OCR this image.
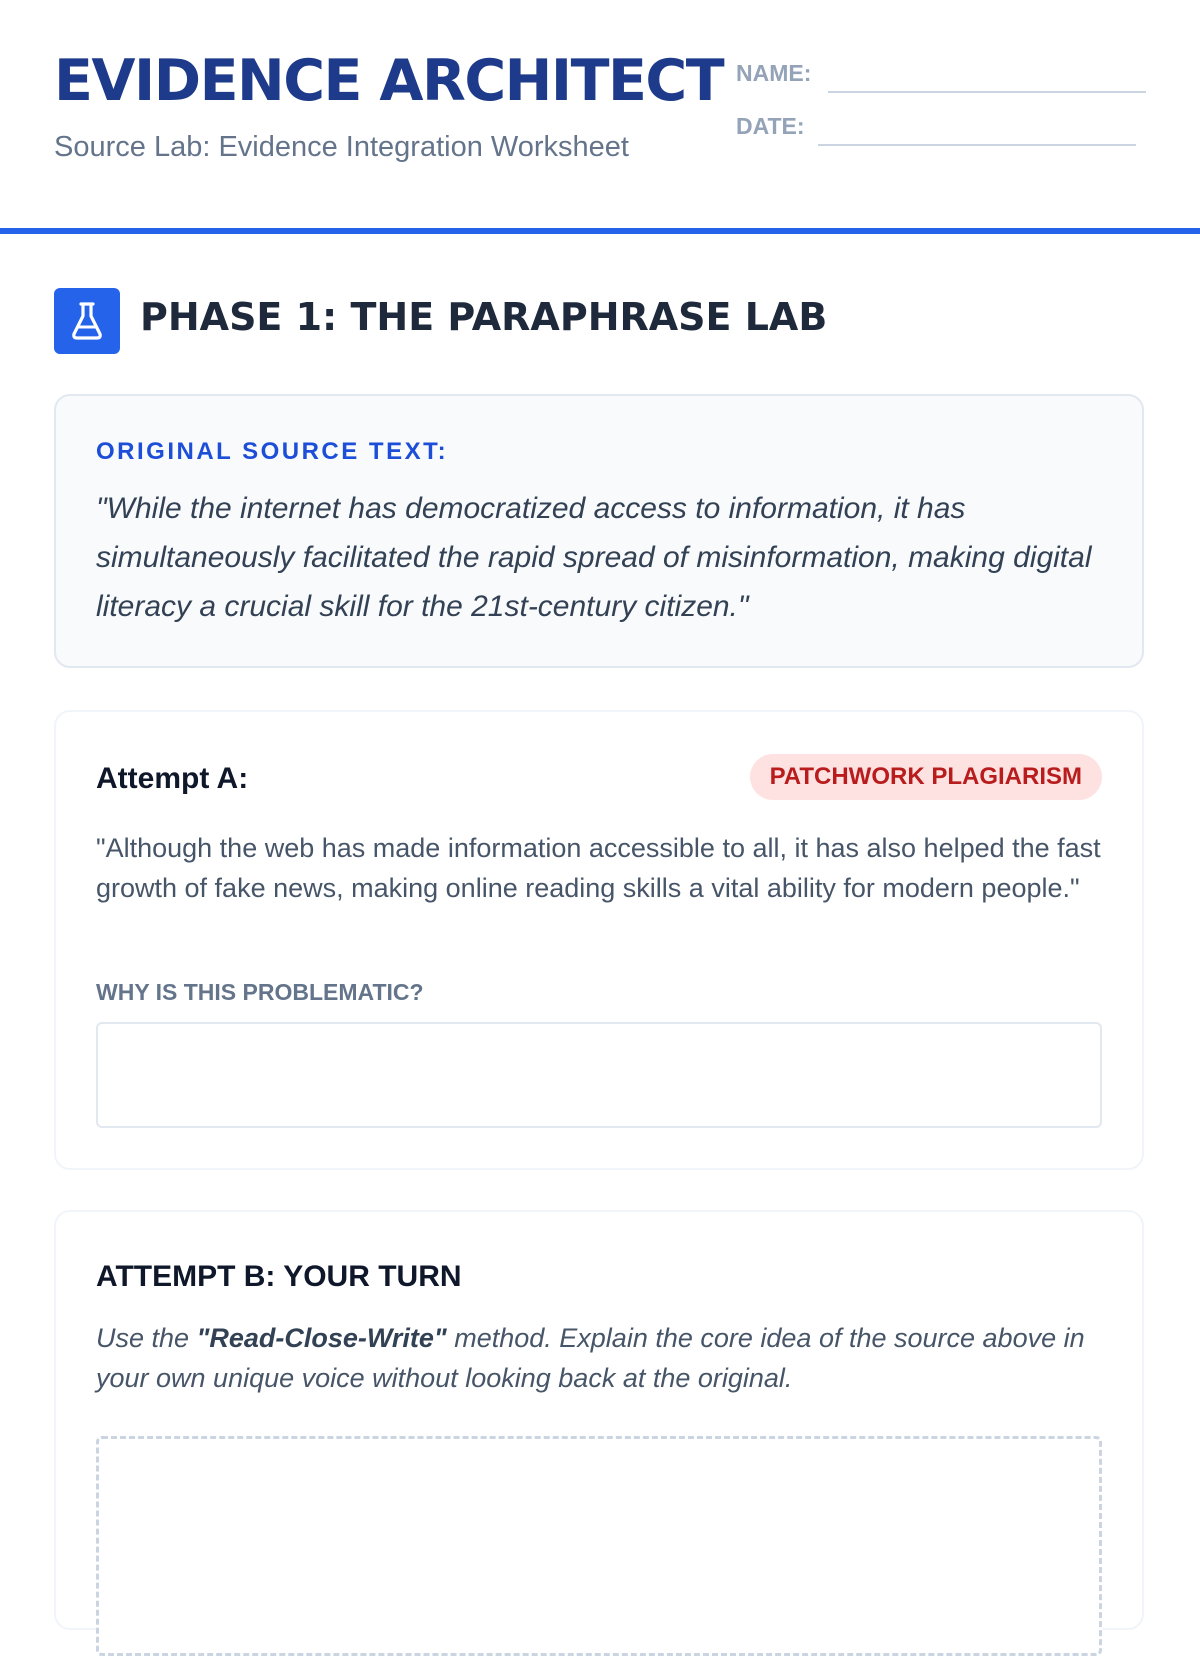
EVIDENCE ARCHITECT
Source Lab: Evidence Integration Worksheet
NAME:
DATE:
PHASE 1: THE PARAPHRASE LAB
ORIGINAL SOURCE TEXT:

"While the internet has democratized access to information, it has simultaneously facilitated the rapid spread of misinformation, making digital literacy a crucial skill for the 21st-century citizen."

Attempt A:	PATCHWORK PLAGIARISM

"Although the web has made information accessible to all, it has also helped the fast growth of fake news, making online reading skills a vital ability for modern people."

WHY IS THIS PROBLEMATIC?
ATTEMPT B: YOUR TURN

Use the "Read-Close-Write" method. Explain the core idea of the source above in your own unique voice without looking back at the original.
